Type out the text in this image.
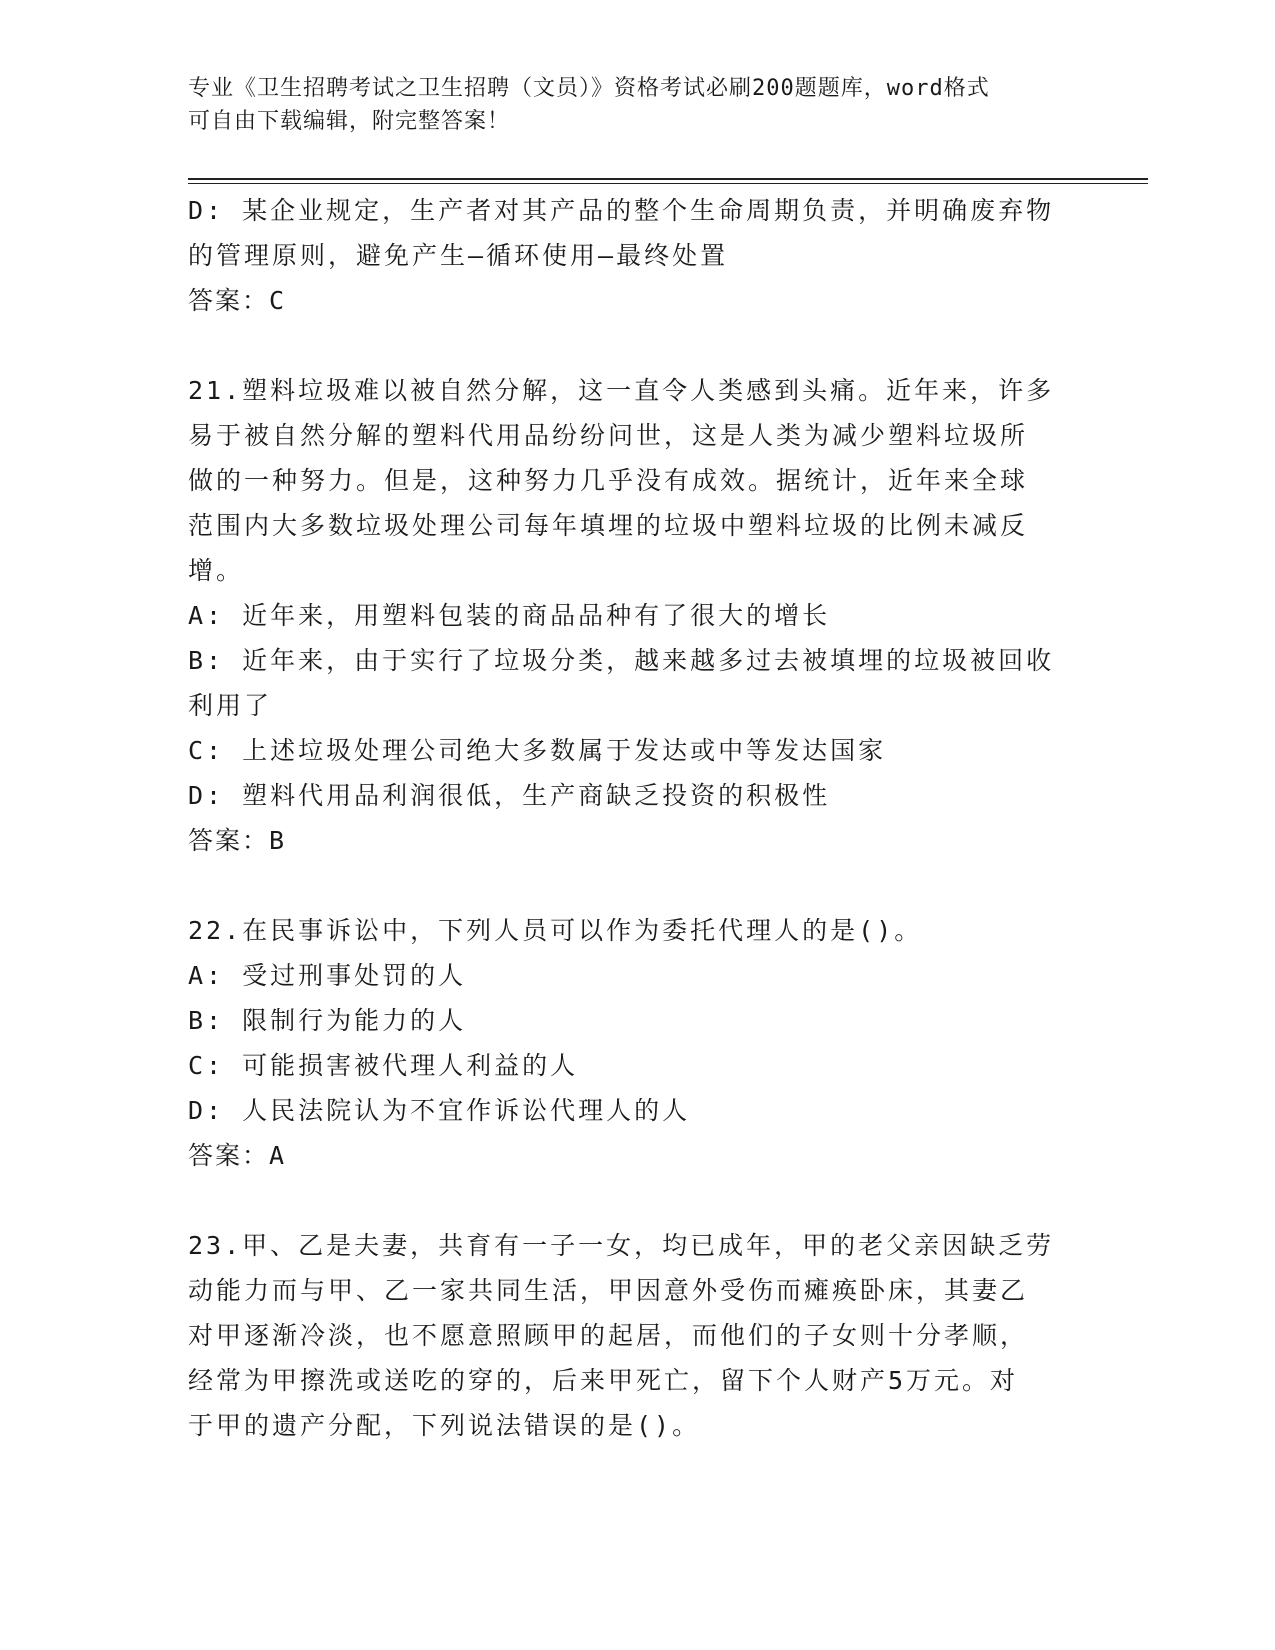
专业《卫生招聘考试之卫生招聘（文员）》资格考试必刷200题题库，word格式
可自由下载编辑，附完整答案！

D: 某企业规定，生产者对其产品的整个生命周期负责，并明确废弃物

的管理原则，避免产生—循环使用—最终处置

答案：C

21.塑料垃圾难以被自然分解，这一直令人类感到头痛。近年来，许多

易于被自然分解的塑料代用品纷纷问世，这是人类为减少塑料垃圾所

做的一种努力。但是，这种努力几乎没有成效。据统计，近年来全球

范围内大多数垃圾处理公司每年填埋的垃圾中塑料垃圾的比例未减反

增。

A: 近年来，用塑料包装的商品品种有了很大的增长

B: 近年来，由于实行了垃圾分类，越来越多过去被填埋的垃圾被回收

利用了

C: 上述垃圾处理公司绝大多数属于发达或中等发达国家

D: 塑料代用品利润很低，生产商缺乏投资的积极性

答案：B

22.在民事诉讼中，下列人员可以作为委托代理人的是()。

A: 受过刑事处罚的人

B: 限制行为能力的人

C: 可能损害被代理人利益的人

D: 人民法院认为不宜作诉讼代理人的人

答案：A

23.甲、乙是夫妻，共育有一子一女，均已成年，甲的老父亲因缺乏劳

动能力而与甲、乙一家共同生活，甲因意外受伤而瘫痪卧床，其妻乙

对甲逐渐冷淡，也不愿意照顾甲的起居，而他们的子女则十分孝顺，

经常为甲擦洗或送吃的穿的，后来甲死亡，留下个人财产5万元。对

于甲的遗产分配，下列说法错误的是()。
